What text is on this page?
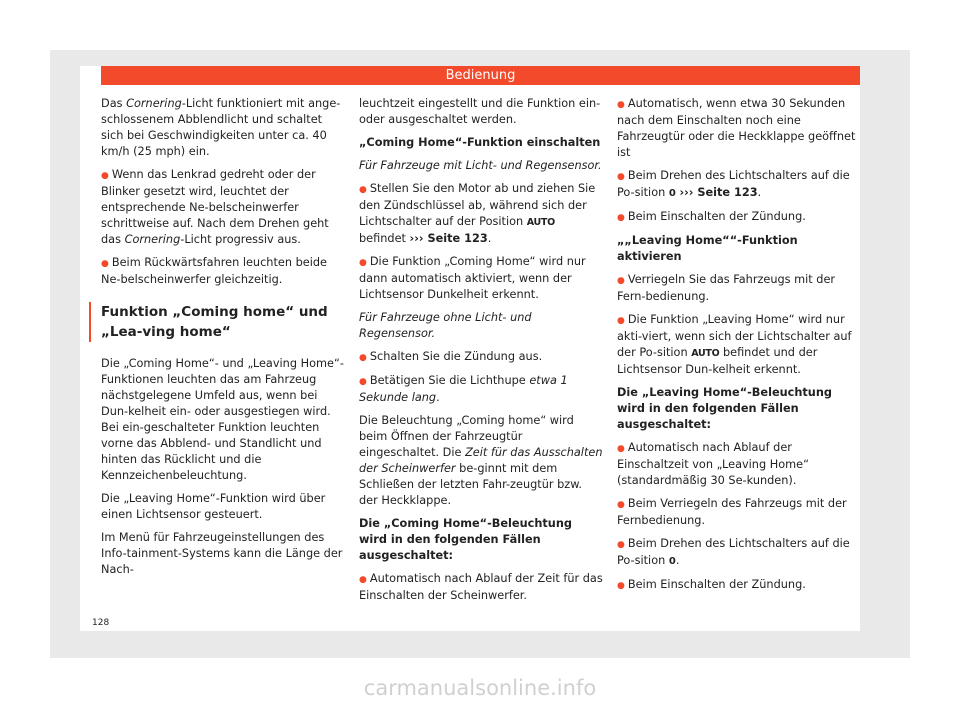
Bedienung

Das Cornering-Licht funktioniert mit ange-schlossenem Abblendlicht und schaltet sich bei Geschwindigkeiten unter ca. 40 km/h (25 mph) ein.

● Wenn das Lenkrad gedreht oder der Blinker gesetzt wird, leuchtet der entsprechende Ne-belscheinwerfer schrittweise auf. Nach dem Drehen geht das Cornering-Licht progressiv aus.

● Beim Rückwärtsfahren leuchten beide Ne-belscheinwerfer gleichzeitig.

Funktion „Coming home“ und „Lea-ving home“

Die „Coming Home“- und „Leaving Home“-Funktionen leuchten das am Fahrzeug nächstgelegene Umfeld aus, wenn bei Dun-kelheit ein- oder ausgestiegen wird. Bei ein-geschalteter Funktion leuchten vorne das Abblend- und Standlicht und hinten das Rücklicht und die Kennzeichenbeleuchtung.

Die „Leaving Home“-Funktion wird über einen Lichtsensor gesteuert.

Im Menü für Fahrzeugeinstellungen des Info-tainment-Systems kann die Länge der Nach-

leuchtzeit eingestellt und die Funktion ein- oder ausgeschaltet werden.

„Coming Home“-Funktion einschalten

Für Fahrzeuge mit Licht- und Regensensor.

● Stellen Sie den Motor ab und ziehen Sie den Zündschlüssel ab, während sich der Lichtschalter auf der Position AUTO befindet ››› Seite 123.

● Die Funktion „Coming Home“ wird nur dann automatisch aktiviert, wenn der Lichtsensor Dunkelheit erkennt.

Für Fahrzeuge ohne Licht- und Regensensor.

● Schalten Sie die Zündung aus.

● Betätigen Sie die Lichthupe etwa 1 Sekunde lang.

Die Beleuchtung „Coming home“ wird beim Öffnen der Fahrzeugtür eingeschaltet. Die Zeit für das Ausschalten der Scheinwerfer be-ginnt mit dem Schließen der letzten Fahr-zeugtür bzw. der Heckklappe.

Die „Coming Home“-Beleuchtung wird in den folgenden Fällen ausgeschaltet:

● Automatisch nach Ablauf der Zeit für das Einschalten der Scheinwerfer.

● Automatisch, wenn etwa 30 Sekunden nach dem Einschalten noch eine Fahrzeugtür oder die Heckklappe geöffnet ist

● Beim Drehen des Lichtschalters auf die Po-sition 0 ››› Seite 123.

● Beim Einschalten der Zündung.

„„Leaving Home““-Funktion aktivieren

● Verriegeln Sie das Fahrzeugs mit der Fern-bedienung.

● Die Funktion „Leaving Home“ wird nur akti-viert, wenn sich der Lichtschalter auf der Po-sition AUTO befindet und der Lichtsensor Dun-kelheit erkennt.

Die „Leaving Home“-Beleuchtung wird in den folgenden Fällen ausgeschaltet:

● Automatisch nach Ablauf der Einschaltzeit von „Leaving Home“ (standardmäßig 30 Se-kunden).

● Beim Verriegeln des Fahrzeugs mit der Fernbedienung.

● Beim Drehen des Lichtschalters auf die Po-sition 0.

● Beim Einschalten der Zündung.

128
carmanualsonline.info
